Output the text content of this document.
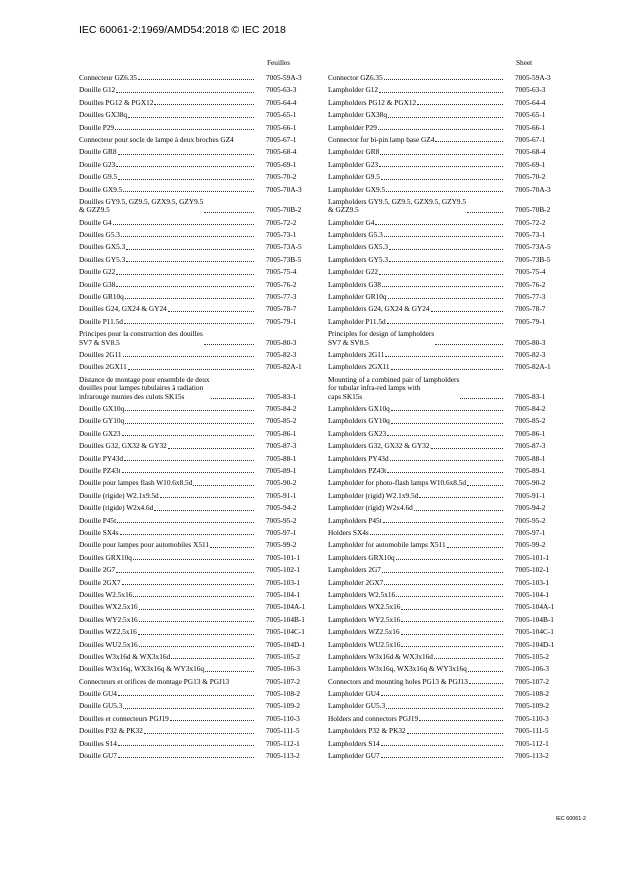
IEC 60061-2:1969/AMD54:2018 © IEC 2018
Feuilles
Connecteur GZ6.35	7005-59A-3
Douille G12	7005-63-3
Douilles PG12 & PGX12	7005-64-4
Douilles GX38q	7005-65-1
Douille P29	7005-66-1
Connecteur pour socle de lampe à deux broches GZ4	7005-67-1
Douille GR8	7005-68-4
Douille G23	7005-69-1
Douille G9.5	7005-70-2
Douille GX9.5	7005-70A-3
Douilles GY9.5, GZ9.5, GZX9.5, GZY9.5
& GZZ9.5	7005-70B-2
Douille G4	7005-72-2
Douilles G5.3	7005-73-1
Douilles GX5.3	7005-73A-5
Douilles GY5.3	7005-73B-5
Douille G22	7005-75-4
Douille G38	7005-76-2
Douille GR10q	7005-77-3
Douilles G24, GX24 & GY24	7005-78-7
Douille P11.5d	7005-79-1
Principes pour la construction des douilles
SV7 & SV8.5	7005-80-3
Douilles 2G11	7005-82-3
Douilles 2GX11	7005-82A-1
Distance de montage pour ensemble de deux
douilles pour lampes tubulaires à radiation
infrarouge munies des culots SK15s	7005-83-1
Douille GX10q	7005-84-2
Douille GY10q	7005-85-2
Douille GX23	7005-86-1
Douilles G32, GX32 & GY32	7005-87-3
Douille PY43d	7005-88-1
Douille PZ43t	7005-89-1
Douille pour lampes flash W10.6x8.5d	7005-90-2
Douille (rigide) W2.1x9.5d	7005-91-1
Douille (rigide) W2x4.6d	7005-94-2
Douille P45t	7005-95-2
Douille SX4s	7005-97-1
Douille pour lampes pour automobiles X511	7005-99-2
Douilles GRX10q	7005-101-1
Douille 2G7	7005-102-1
Douille 2GX7	7005-103-1
Douilles W2.5x16	7005-104-1
Douilles WX2.5x16	7005-104A-1
Douilles WY2.5x16	7005-104B-1
Douilles WZ2.5x16	7005-104C-1
Douilles WU2.5x16	7005-104D-1
Douilles W3x16d & WX3x16d	7005-105-2
Douilles W3x16q, WX3x16q & WY3x16q	7005-106-3
Connecteurs et orifices de montage PG13 & PGJ13	7005-107-2
Douille GU4	7005-108-2
Douille GU5.3	7005-109-2
Douilles et connecteurs PGJ19	7005-110-3
Douilles P32 & PK32	7005-111-5
Douilles S14	7005-112-1
Douille GU7	7005-113-2
Sheet
Connector GZ6.35	7005-59A-3
Lampholder G12	7005-63-3
Lampholders PG12 & PGX12	7005-64-4
Lampholder GX38q	7005-65-1
Lampholder P29	7005-66-1
Connector for bi-pin lamp base GZ4	7005-67-1
Lampholder GR8	7005-68-4
Lampholder G23	7005-69-1
Lampholder G9.5	7005-70-2
Lampholder GX9.5	7005-70A-3
Lampholders GY9.5, GZ9.5, GZX9.5, GZY9.5
& GZZ9.5	7005-70B-2
Lampholder G4	7005-72-2
Lampholders G5.3	7005-73-1
Lampholders GX5.3	7005-73A-5
Lampholders GY5.3	7005-73B-5
Lampholder G22	7005-75-4
Lampholders G38	7005-76-2
Lampholder GR10q	7005-77-3
Lampholders G24, GX24 & GY24	7005-78-7
Lampholder P11.5d	7005-79-1
Principles for design of lampholders
SV7 & SV8.5	7005-80-3
Lampholders 2G11	7005-82-3
Lampholders 2GX11	7005-82A-1
Mounting of a combined pair of lampholders
for tubular infra-red lamps with
caps SK15s	7005-83-1
Lampholders GX10q	7005-84-2
Lampholders GY10q	7005-85-2
Lampholders GX23	7005-86-1
Lampholders G32, GX32 & GY32	7005-87-3
Lampholders PY43d	7005-88-1
Lampholders PZ43t	7005-89-1
Lampholder for photo-flash lamps W10.6x8.5d	7005-90-2
Lampholder (rigid) W2.1x9.5d	7005-91-1
Lampholder (rigid) W2x4.6d	7005-94-2
Lampholders P45t	7005-95-2
Holders SX4s	7005-97-1
Lampholder for automobile lamps X511	7005-99-2
Lampholders GRX10q	7005-101-1
Lampholders 2G7	7005-102-1
Lampholder 2GX7	7005-103-1
Lampholders W2.5x16	7005-104-1
Lampholders WX2.5x16	7005-104A-1
Lampholders WY2.5x16	7005-104B-1
Lampholders WZ2.5x16	7005-104C-1
Lampholders WU2.5x16	7005-104D-1
Lampholders W3x16d & WX3x16d	7005-105-2
Lampholders W3x16q, WX3x16q & WY3x16q	7005-106-3
Connectors and mounting holes PG13 & PGJ13	7005-107-2
Lampholder GU4	7005-108-2
Lampholder GU5.3	7005-109-2
Holders and connectors PGJ19	7005-110-3
Lampholders P32 & PK32	7005-111-5
Lampholders S14	7005-112-1
Lampholder GU7	7005-113-2
IEC 60061-2
